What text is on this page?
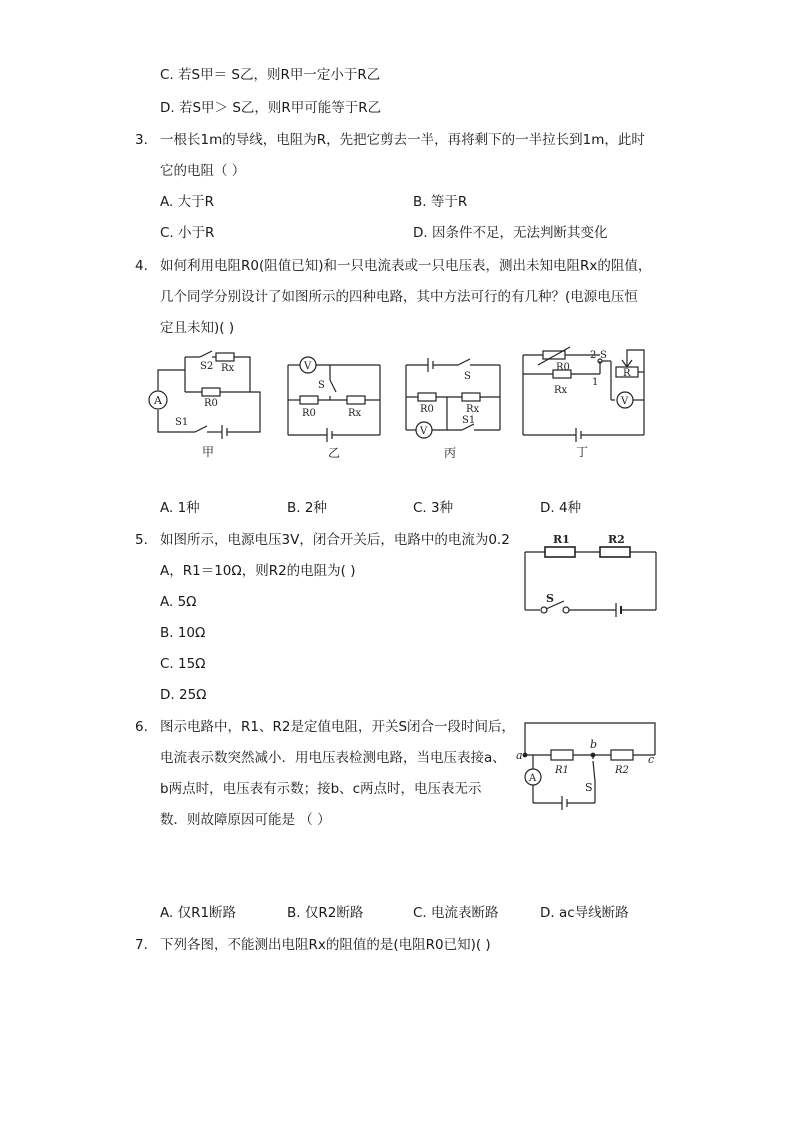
C. 若S甲＝ S乙，则R甲一定小于R乙
D. 若S甲＞ S乙，则R甲可能等于R乙
3. 一根长1m的导线，电阻为R，先把它剪去一半，再将剩下的一半拉长到1m，此时
它的电阻（ ）
A. 大于R	B. 等于R
C. 小于R	D. 因条件不足，无法判断其变化
4. 如何利用电阻R0(阻值已知)和一只电流表或一只电压表，测出未知电阻Rx的阻值，
几个同学分别设计了如图所示的四种电路，其中方法可行的有几种？(电源电压恒
定且未知)( )
A
S2 Rx
R0
S1
甲
V
S
R0	Rx
乙
S
R0	Rx
V
S1
丙
R0
Rx
2 S
1
R
V
丁
A. 1种	B. 2种	C. 3种	D. 4种
5. 如图所示，电源电压3V，闭合开关后，电路中的电流为0.2
A，R1＝10Ω，则R2的电阻为( )
A. 5Ω
B. 10Ω
C. 15Ω
D. 25Ω
R1	R2
S
6. 图示电路中，R1、R2是定值电阻，开关S闭合一段时间后，
电流表示数突然减小．用电压表检测电路，当电压表接a、
b两点时，电压表有示数；接b、c两点时，电压表无示
数．则故障原因可能是 （ ）
a
b
c
R1	R2
S
A
A. 仅R1断路	B. 仅R2断路	C. 电流表断路	D. ac导线断路
7. 下列各图，不能测出电阻Rx的阻值的是(电阻R0已知)( )
